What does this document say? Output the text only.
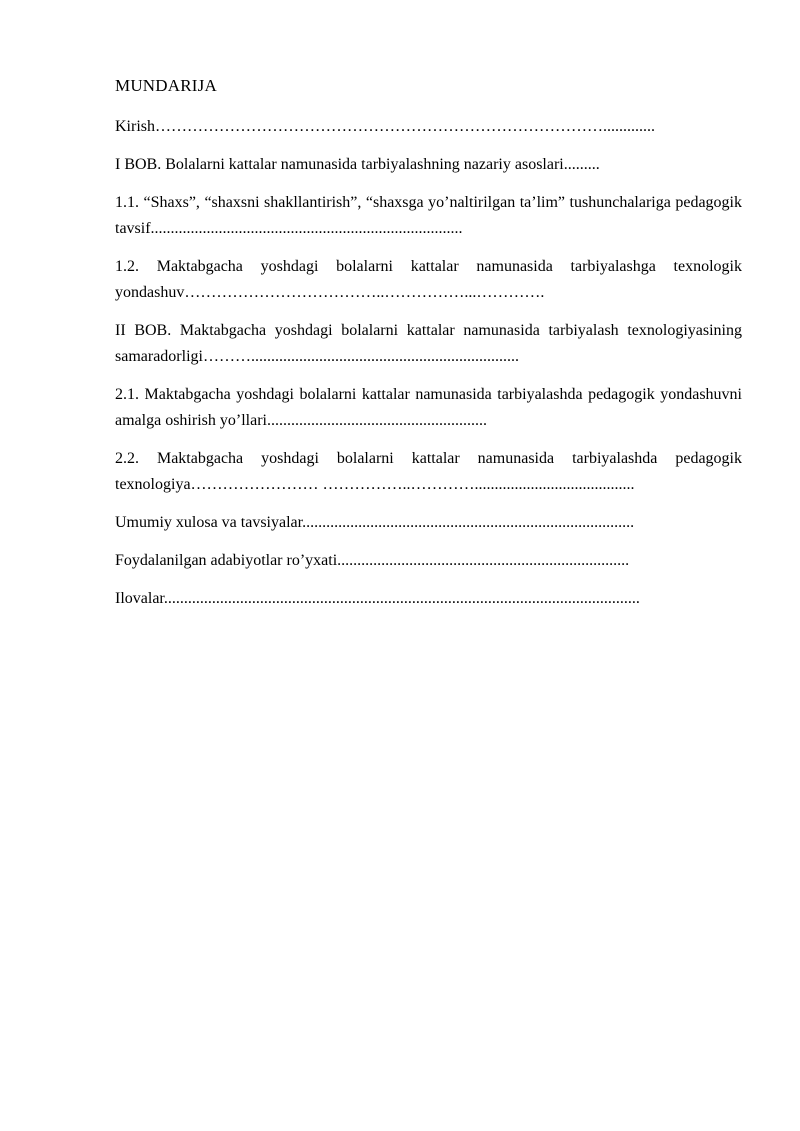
MUNDARIJA
Kirish………………………………………………………………………….............
I BOB. Bolalarni kattalar namunasida tarbiyalashning nazariy asoslari.........
1.1. “Shaxs”, “shaxsni shakllantirish”, “shaxsga yo’naltirilgan ta’lim” tushunchalariga pedagogik tavsif..............................................................................
1.2. Maktabgacha yoshdagi bolalarni kattalar namunasida tarbiyalashga texnologik yondashuv………………………………..……………...………….
II BOB. Maktabgacha yoshdagi bolalarni kattalar namunasida tarbiyalash texnologiyasining samaradorligi………...................................................................
2.1. Maktabgacha yoshdagi bolalarni kattalar namunasida tarbiyalashda pedagogik yondashuvni amalga oshirish yo’llari.......................................................
2.2. Maktabgacha yoshdagi bolalarni kattalar namunasida tarbiyalashda pedagogik texnologiya…………………… ……………..…………........................................
Umumiy xulosa va tavsiyalar...................................................................................
Foydalanilgan adabiyotlar ro’yxati.........................................................................
Ilovalar.......................................................................................................................
